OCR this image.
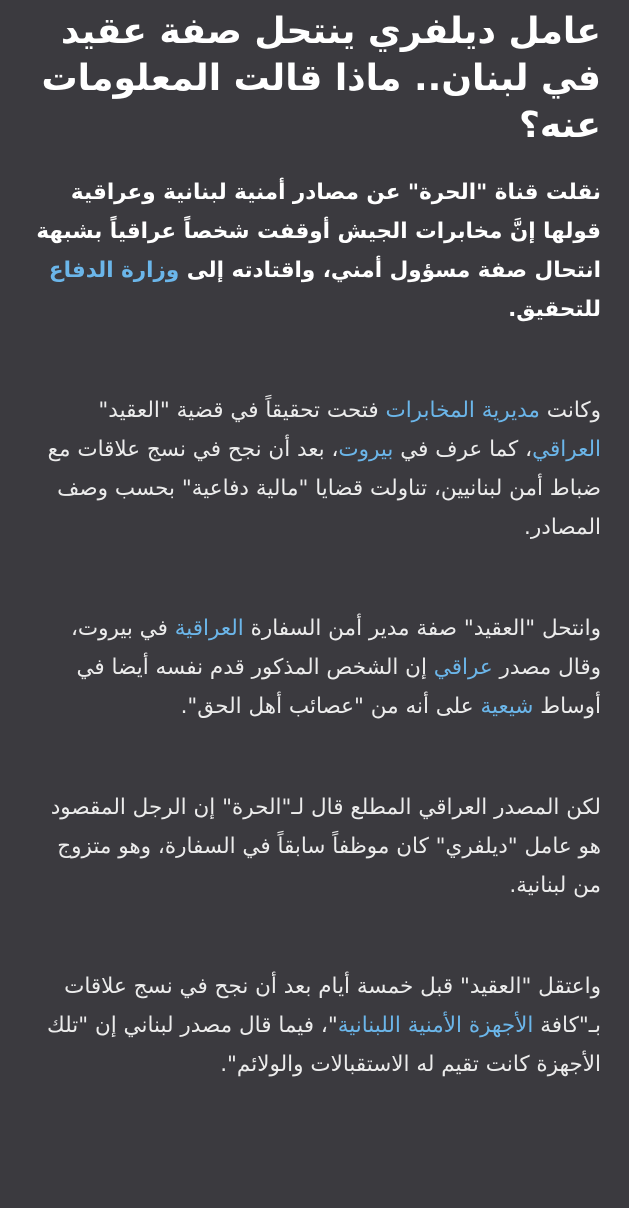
عامل ديلفري ينتحل صفة عقيد في لبنان.. ماذا قالت المعلومات عنه؟

نقلت قناة "الحرة" عن مصادر أمنية لبنانية وعراقية قولها إنَّ مخابرات الجيش أوقفت شخصاً عراقياً بشبهة انتحال صفة مسؤول أمني، واقتادته إلى وزارة الدفاع للتحقيق.

وكانت مديرية المخابرات فتحت تحقيقاً في قضية "العقيد" العراقي، كما عرف في بيروت، بعد أن نجح في نسج علاقات مع ضباط أمن لبنانيين، تناولت قضايا "مالية دفاعية" بحسب وصف المصادر.

وانتحل "العقيد" صفة مدير أمن السفارة العراقية في بيروت، وقال مصدر عراقي إن الشخص المذكور قدم نفسه أيضا في أوساط شيعية على أنه من "عصائب أهل الحق".

لكن المصدر العراقي المطلع قال لـ"الحرة" إن الرجل المقصود هو عامل "ديلفري" كان موظفاً سابقاً في السفارة، وهو متزوج من لبنانية.

واعتقل "العقيد" قبل خمسة أيام بعد أن نجح في نسج علاقات بـ"كافة الأجهزة الأمنية اللبنانية"، فيما قال مصدر لبناني إن "تلك الأجهزة كانت تقيم له الاستقبالات والولائم".
